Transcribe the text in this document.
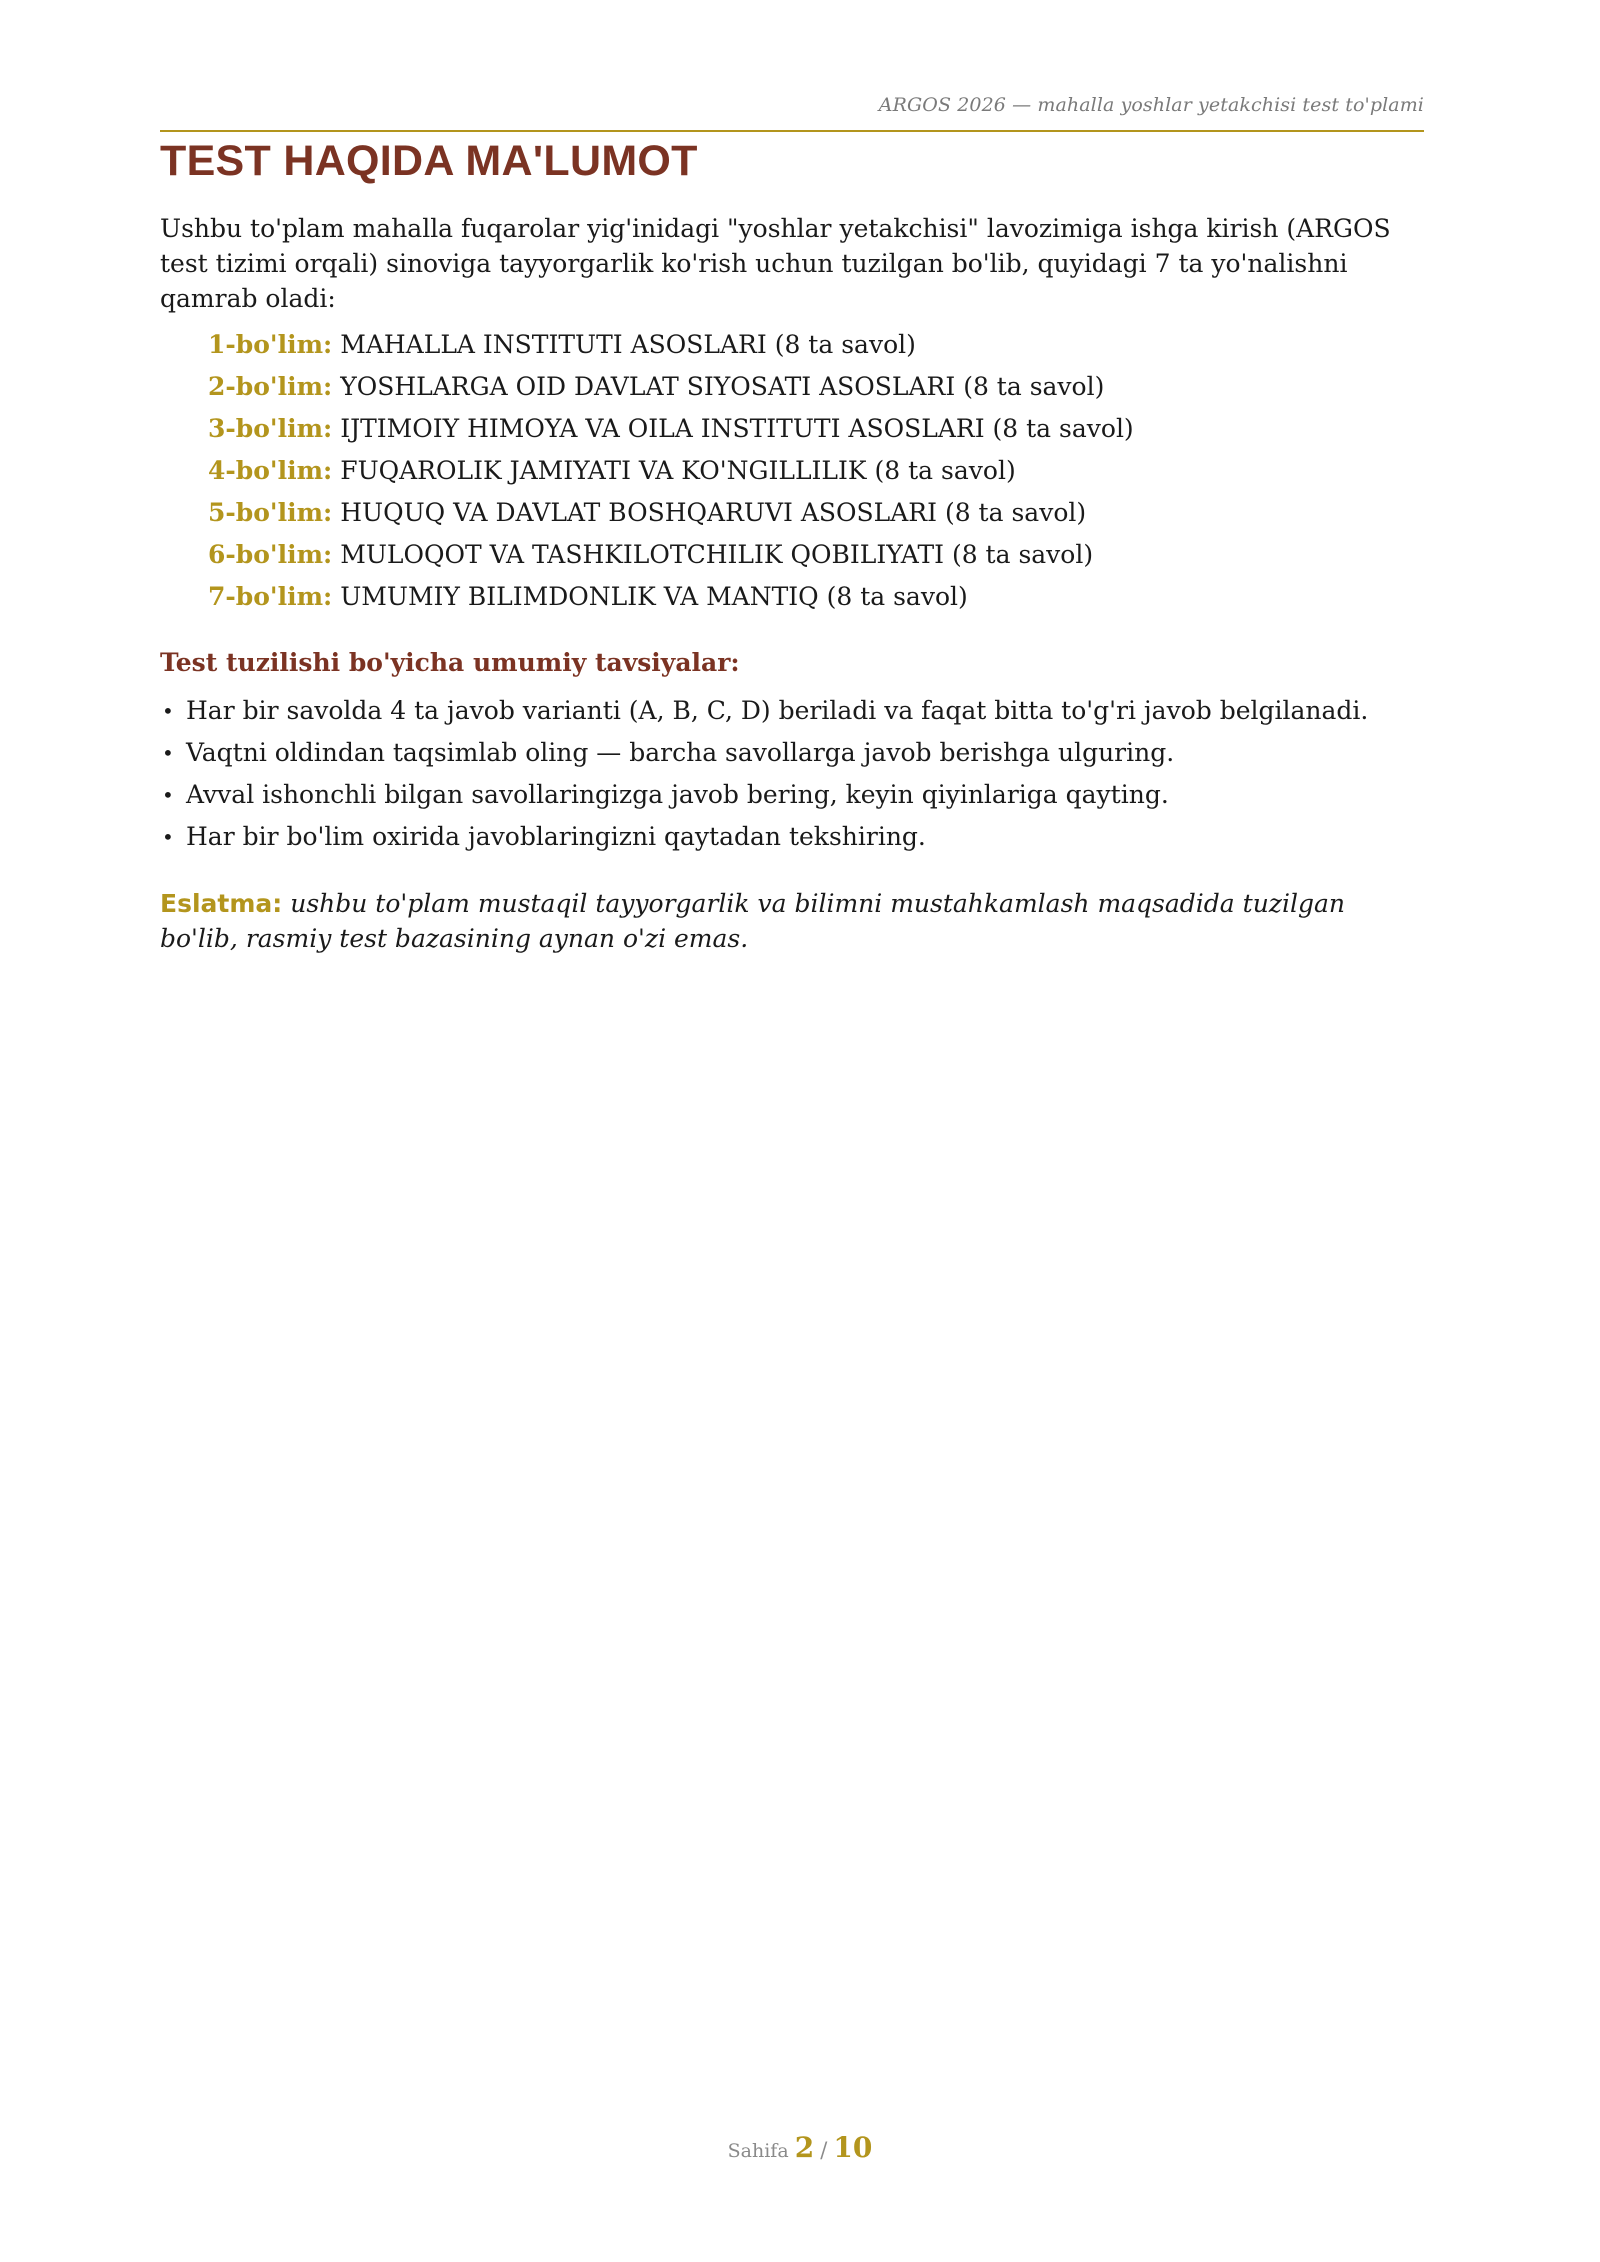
ARGOS 2026 — mahalla yoshlar yetakchisi test to'plami
TEST HAQIDA MA'LUMOT

Ushbu to'plam mahalla fuqarolar yig'inidagi "yoshlar yetakchisi" lavozimiga ishga kirish (ARGOS test tizimi orqali) sinoviga tayyorgarlik ko'rish uchun tuzilgan bo'lib, quyidagi 7 ta yo'nalishni qamrab oladi:

1-bo'lim: MAHALLA INSTITUTI ASOSLARI (8 ta savol)
2-bo'lim: YOSHLARGA OID DAVLAT SIYOSATI ASOSLARI (8 ta savol)
3-bo'lim: IJTIMOIY HIMOYA VA OILA INSTITUTI ASOSLARI (8 ta savol)
4-bo'lim: FUQAROLIK JAMIYATI VA KO'NGILLILIK (8 ta savol)
5-bo'lim: HUQUQ VA DAVLAT BOSHQARUVI ASOSLARI (8 ta savol)
6-bo'lim: MULOQOT VA TASHKILOTCHILIK QOBILIYATI (8 ta savol)
7-bo'lim: UMUMIY BILIMDONLIK VA MANTIQ (8 ta savol)
Test tuzilishi bo'yicha umumiy tavsiyalar:
• Har bir savolda 4 ta javob varianti (A, B, C, D) beriladi va faqat bitta to'g'ri javob belgilanadi.
• Vaqtni oldindan taqsimlab oling — barcha savollarga javob berishga ulguring.
• Avval ishonchli bilgan savollaringizga javob bering, keyin qiyinlariga qayting.
• Har bir bo'lim oxirida javoblaringizni qaytadan tekshiring.

Eslatma: ushbu to'plam mustaqil tayyorgarlik va bilimni mustahkamlash maqsadida tuzilgan bo'lib, rasmiy test bazasining aynan o'zi emas.

Sahifa 2 / 10
